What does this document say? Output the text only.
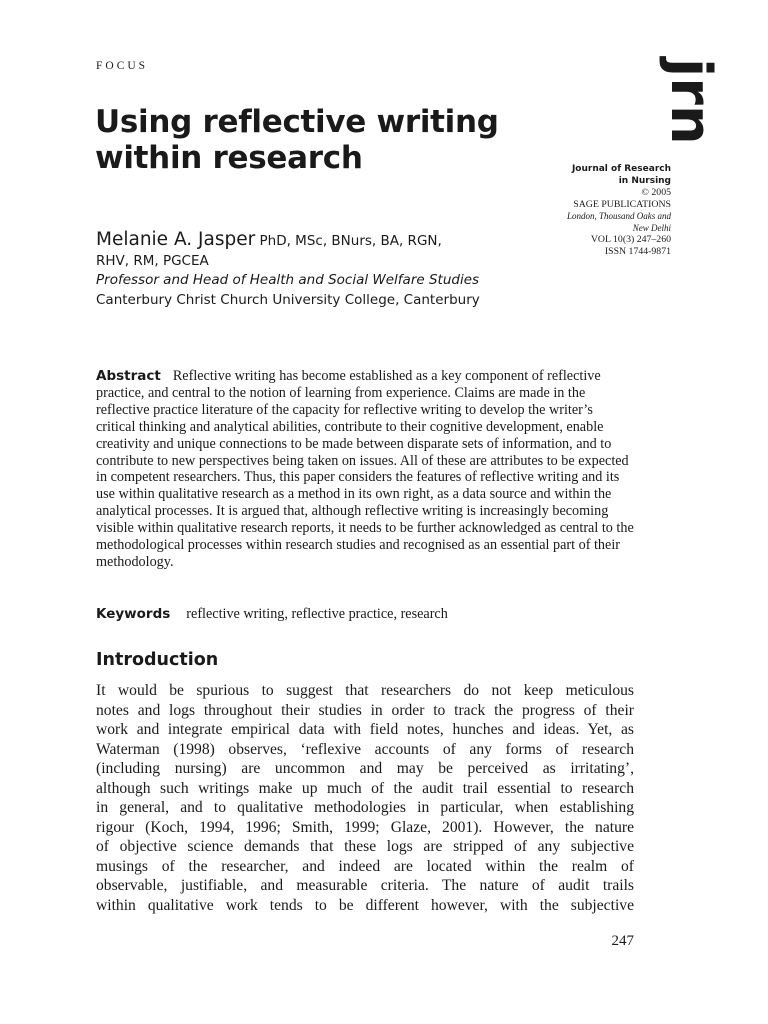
FOCUS
Using reflective writing
within research
jrn
Journal of Research
in Nursing
© 2005
SAGE PUBLICATIONS
London, Thousand Oaks and
New Delhi
VOL 10(3) 247–260
ISSN 1744-9871
Melanie A. Jasper PhD, MSc, BNurs, BA, RGN,
RHV, RM, PGCEA
Professor and Head of Health and Social Welfare Studies
Canterbury Christ Church University College, Canterbury
Abstract Reflective writing has become established as a key component of reflective practice, and central to the notion of learning from experience. Claims are made in the reflective practice literature of the capacity for reflective writing to develop the writer’s critical thinking and analytical abilities, contribute to their cognitive development, enable creativity and unique connections to be made between disparate sets of information, and to contribute to new perspectives being taken on issues. All of these are attributes to be expected in competent researchers. Thus, this paper considers the features of reflective writing and its use within qualitative research as a method in its own right, as a data source and within the analytical processes. It is argued that, although reflective writing is increasingly becoming visible within qualitative research reports, it needs to be further acknowledged as central to the methodological processes within research studies and recognised as an essential part of their methodology.
Keywords reflective writing, reflective practice, research
Introduction
It would be spurious to suggest that researchers do not keep meticulous
notes and logs throughout their studies in order to track the progress of their
work and integrate empirical data with field notes, hunches and ideas. Yet, as
Waterman (1998) observes, ‘reflexive accounts of any forms of research
(including nursing) are uncommon and may be perceived as irritating’,
although such writings make up much of the audit trail essential to research
in general, and to qualitative methodologies in particular, when establishing
rigour (Koch, 1994, 1996; Smith, 1999; Glaze, 2001). However, the nature
of objective science demands that these logs are stripped of any subjective
musings of the researcher, and indeed are located within the realm of
observable, justifiable, and measurable criteria. The nature of audit trails
within qualitative work tends to be different however, with the subjective
247
